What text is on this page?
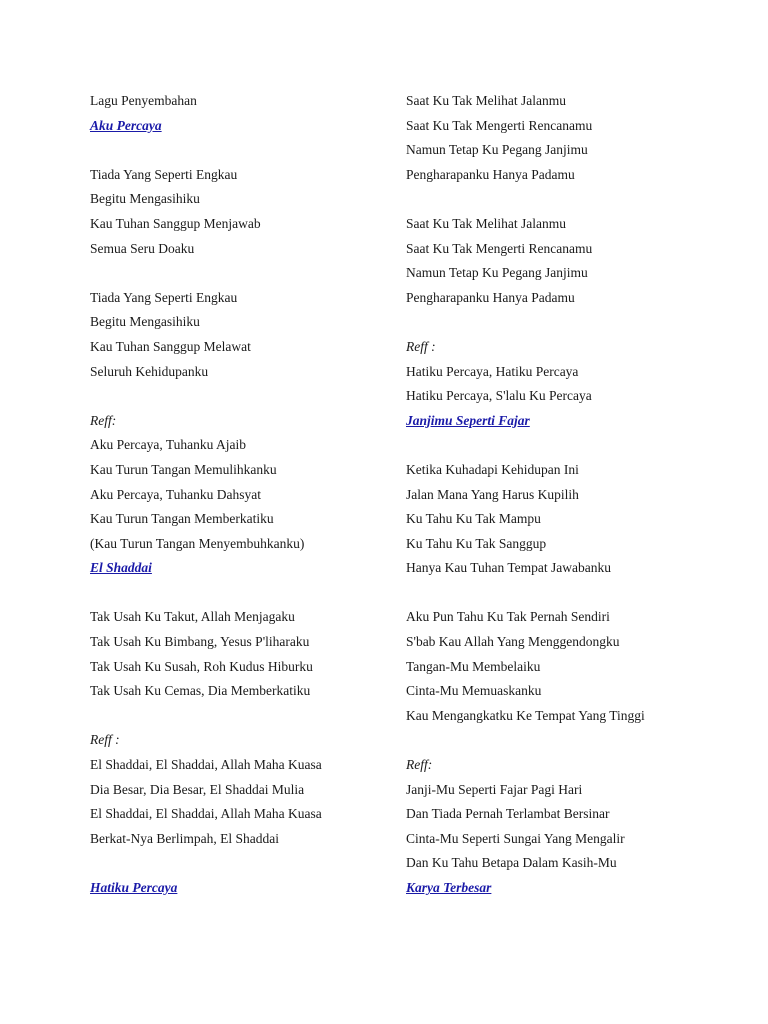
Lagu Penyembahan
Aku Percaya
Tiada Yang Seperti Engkau
Begitu Mengasihiku
Kau Tuhan Sanggup Menjawab
Semua Seru Doaku
Tiada Yang Seperti Engkau
Begitu Mengasihiku
Kau Tuhan Sanggup Melawat
Seluruh Kehidupanku
Reff:
Aku Percaya, Tuhanku Ajaib
Kau Turun Tangan Memulihkanku
Aku Percaya, Tuhanku Dahsyat
Kau Turun Tangan Memberkatiku
(Kau Turun Tangan Menyembuhkanku)
El Shaddai
Tak Usah Ku Takut, Allah Menjagaku
Tak Usah Ku Bimbang, Yesus P'liharaku
Tak Usah Ku Susah, Roh Kudus Hiburku
Tak Usah Ku Cemas, Dia Memberkatiku
Reff :
El Shaddai, El Shaddai, Allah Maha Kuasa
Dia Besar, Dia Besar, El Shaddai Mulia
El Shaddai, El Shaddai, Allah Maha Kuasa
Berkat-Nya Berlimpah, El Shaddai
Hatiku Percaya
Saat Ku Tak Melihat Jalanmu
Saat Ku Tak Mengerti Rencanamu
Namun Tetap Ku Pegang Janjimu
Pengharapanku Hanya Padamu
Saat Ku Tak Melihat Jalanmu
Saat Ku Tak Mengerti Rencanamu
Namun Tetap Ku Pegang Janjimu
Pengharapanku Hanya Padamu
Reff :
Hatiku Percaya, Hatiku Percaya
Hatiku Percaya, S'lalu Ku Percaya
Janjimu Seperti Fajar
Ketika Kuhadapi Kehidupan Ini
Jalan Mana Yang Harus Kupilih
Ku Tahu Ku Tak Mampu
Ku Tahu Ku Tak Sanggup
Hanya Kau Tuhan Tempat Jawabanku
Aku Pun Tahu Ku Tak Pernah Sendiri
S'bab Kau Allah Yang Menggendongku
Tangan-Mu Membelaiku
Cinta-Mu Memuaskanku
Kau Mengangkatku Ke Tempat Yang Tinggi
Reff:
Janji-Mu Seperti Fajar Pagi Hari
Dan Tiada Pernah Terlambat Bersinar
Cinta-Mu Seperti Sungai Yang Mengalir
Dan Ku Tahu Betapa Dalam Kasih-Mu
Karya Terbesar
